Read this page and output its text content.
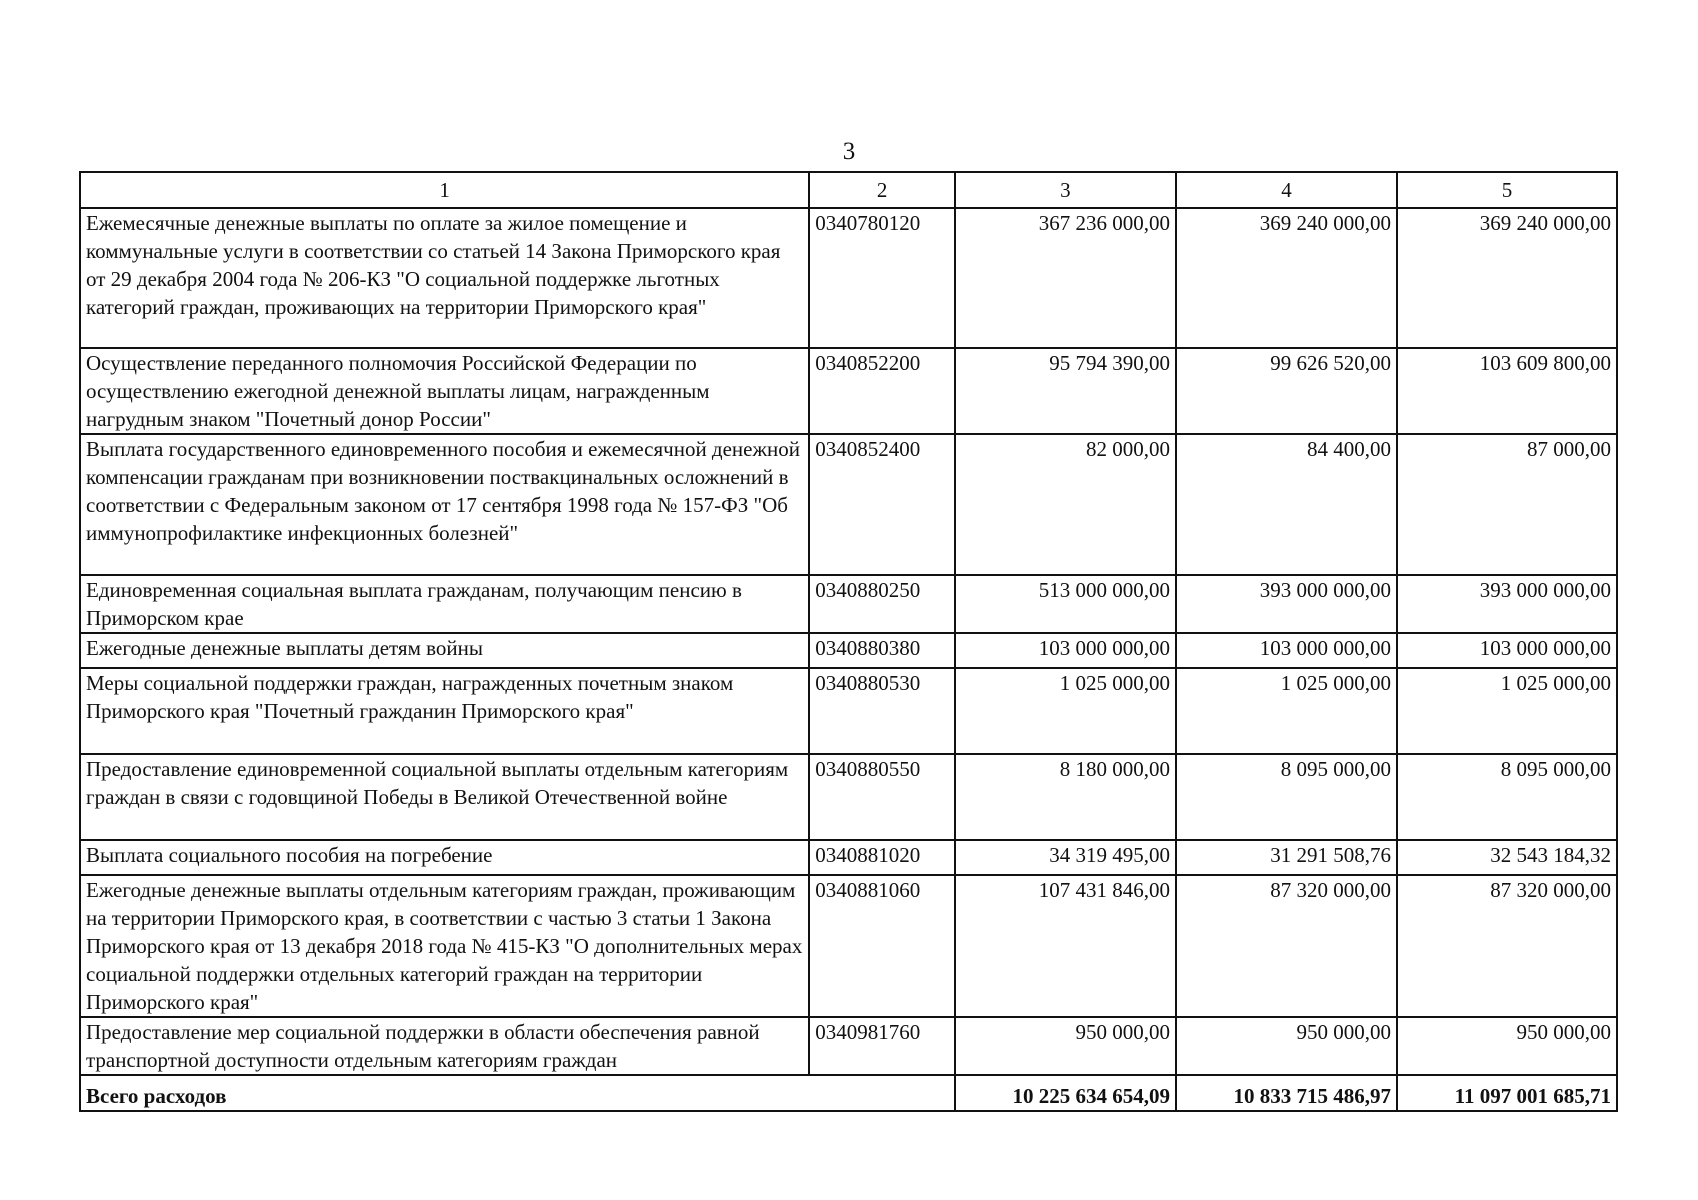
3
1	2	3	4	5
Ежемесячные денежные выплаты по оплате за жилое помещение и коммунальные услуги в соответствии со статьей 14 Закона Приморского края от 29 декабря 2004 года № 206-КЗ "О социальной поддержке льготных категорий граждан, проживающих на территории Приморского края"	0340780120	367 236 000,00	369 240 000,00	369 240 000,00
Осуществление переданного полномочия Российской Федерации по осуществлению ежегодной денежной выплаты лицам, награжденным нагрудным знаком "Почетный донор России"	0340852200	95 794 390,00	99 626 520,00	103 609 800,00
Выплата государственного единовременного пособия и ежемесячной денежной компенсации гражданам при возникновении поствакцинальных осложнений в соответствии с Федеральным законом от 17 сентября 1998 года № 157-ФЗ "Об иммунопрофилактике инфекционных болезней"	0340852400	82 000,00	84 400,00	87 000,00
Единовременная социальная выплата гражданам, получающим пенсию в Приморском крае	0340880250	513 000 000,00	393 000 000,00	393 000 000,00
Ежегодные денежные выплаты детям войны	0340880380	103 000 000,00	103 000 000,00	103 000 000,00
Меры социальной поддержки граждан, награжденных почетным знаком Приморского края "Почетный гражданин Приморского края"	0340880530	1 025 000,00	1 025 000,00	1 025 000,00
Предоставление единовременной социальной выплаты отдельным категориям граждан в связи с годовщиной Победы в Великой Отечественной войне	0340880550	8 180 000,00	8 095 000,00	8 095 000,00
Выплата социального пособия на погребение	0340881020	34 319 495,00	31 291 508,76	32 543 184,32
Ежегодные денежные выплаты отдельным категориям граждан, проживающим на территории Приморского края, в соответствии с частью 3 статьи 1 Закона Приморского края от 13 декабря 2018 года № 415-КЗ "О дополнительных мерах социальной поддержки отдельных категорий граждан на территории Приморского края"	0340881060	107 431 846,00	87 320 000,00	87 320 000,00
Предоставление мер социальной поддержки в области обеспечения равной транспортной доступности отдельным категориям граждан	0340981760	950 000,00	950 000,00	950 000,00
Всего расходов		10 225 634 654,09	10 833 715 486,97	11 097 001 685,71
